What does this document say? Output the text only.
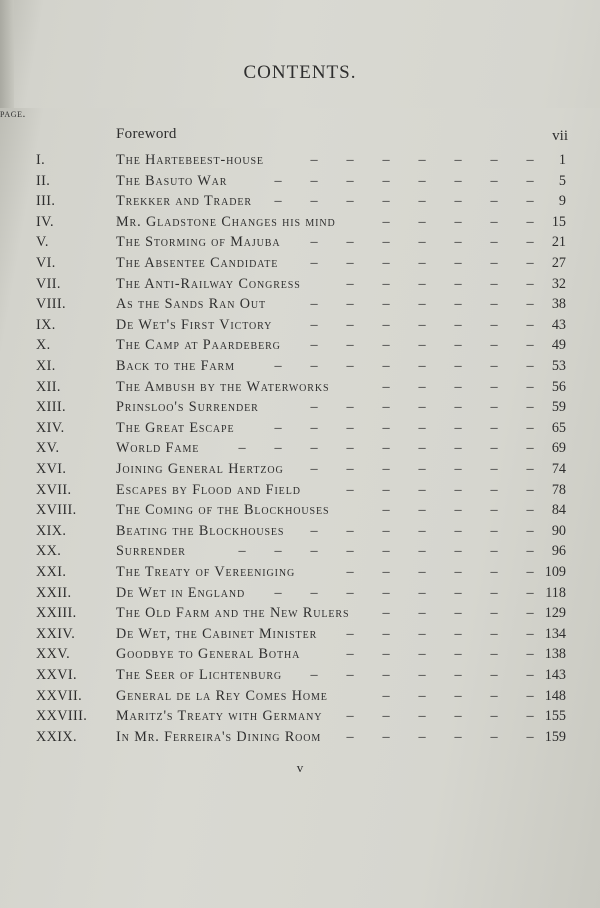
CONTENTS.
page.
Foreword	vii
I.	The Hartebeest-house	– – – – – – –	1
II.	The Basuto War	– – – – – – – –	5
III.	Trekker and Trader	– – – – – – – –	9
IV.	Mr. Gladstone Changes his mind	– – – – –	15
V.	The Storming of Majuba	– – – – – – –	21
VI.	The Absentee Candidate	– – – – – – –	27
VII.	The Anti-Railway Congress	– – – – – –	32
VIII.	As the Sands Ran Out	– – – – – – –	38
IX.	De Wet's First Victory	– – – – – – –	43
X.	The Camp at Paardeberg	– – – – – – –	49
XI.	Back to the Farm	– – – – – – – –	53
XII.	The Ambush by the Waterworks	– – – – –	56
XIII.	Prinsloo's Surrender	– – – – – – –	59
XIV.	The Great Escape	– – – – – – – –	65
XV.	World Fame	– – – – – – – – –	69
XVI.	Joining General Hertzog	– – – – – – –	74
XVII.	Escapes by Flood and Field	– – – – – –	78
XVIII.	The Coming of the Blockhouses	– – – – –	84
XIX.	Beating the Blockhouses	– – – – – – –	90
XX.	Surrender	– – – – – – – – –	96
XXI.	The Treaty of Vereeniging	– – – – – – 109
XXII.	De Wet in England	– – – – – – – – 118
XXIII.	The Old Farm and the New Rulers	– – – – – 129
XXIV.	De Wet, the Cabinet Minister	– – – – – – 134
XXV.	Goodbye to General Botha	– – – – – – 138
XXVI.	The Seer of Lichtenburg	– – – – – – – 143
XXVII. General de la Rey Comes Home	– – – – – 148
XXVIII. Maritz's Treaty with Germany	– – – – – – 155
XXIX.	In Mr. Ferreira's Dining Room	– – – – – – 159
v
